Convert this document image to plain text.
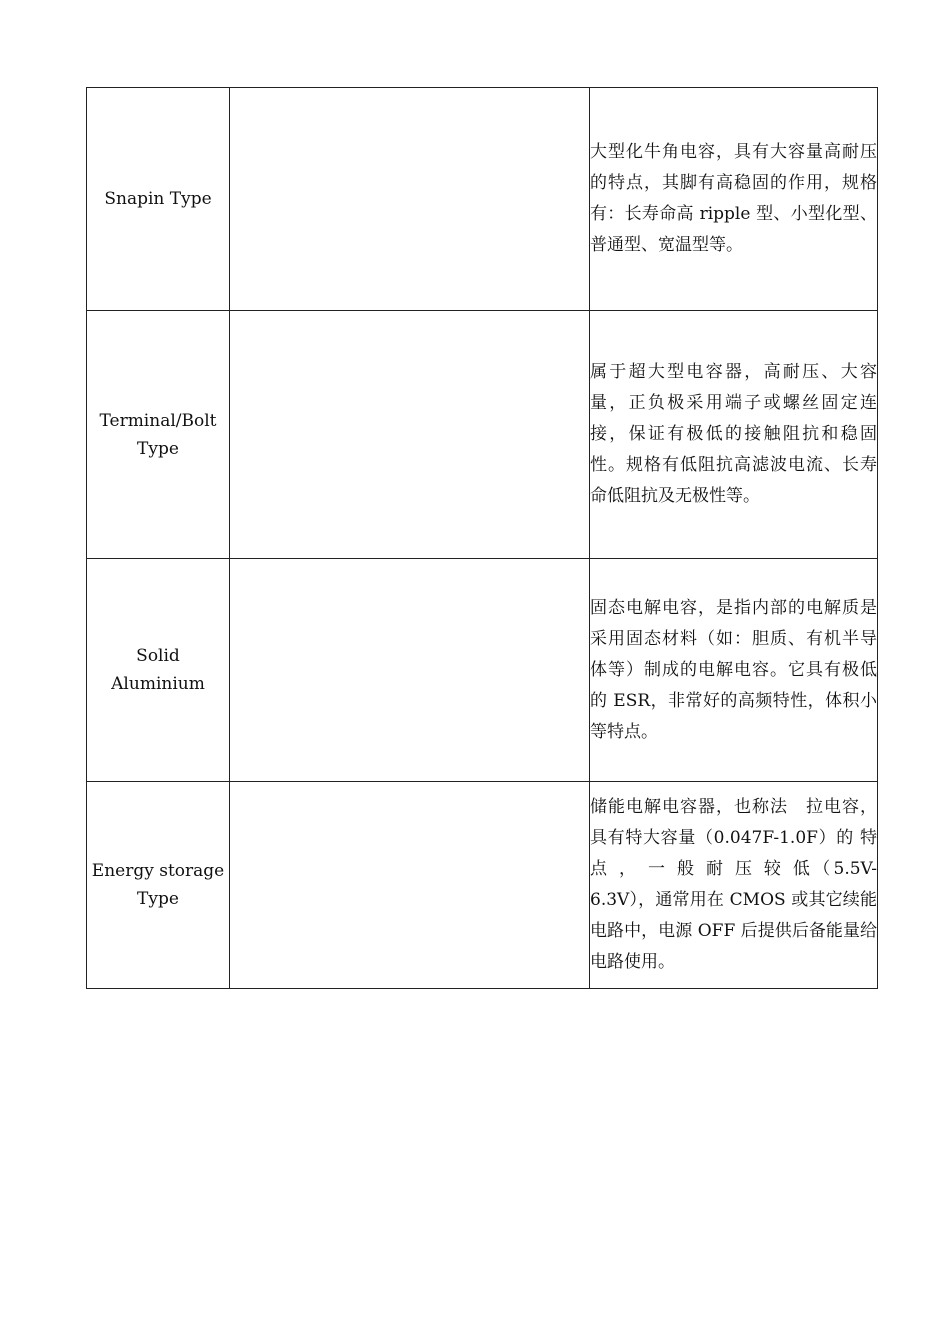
Snapin Type		大型化牛角电容，具有大容量高耐压的特点，其脚有高稳固的作用，规格有：长寿命高 ripple 型、小型化型、普通型、宽温型等。
Terminal/Bolt Type		属于超大型电容器，高耐压、大容量，正负极采用端子或螺丝固定连接，保证有极低的接触阻抗和稳固性。规格有低阻抗高滤波电流、长寿命低阻抗及无极性等。
Solid Aluminium		固态电解电容，是指内部的电解质是采用固态材料（如：胆质、有机半导体等）制成的电解电容。它具有极低的 ESR，非常好的高频特性，体积小等特点。
Energy storage Type		储能电解电容器，也称法　拉电容，具有特大容量（0.047F-1.0F）的 特 点 ， 一 般 耐 压 较 低（5.5V-6.3V），通常用在 CMOS 或其它续能电路中，电源 OFF 后提供后备能量给电路使用。
